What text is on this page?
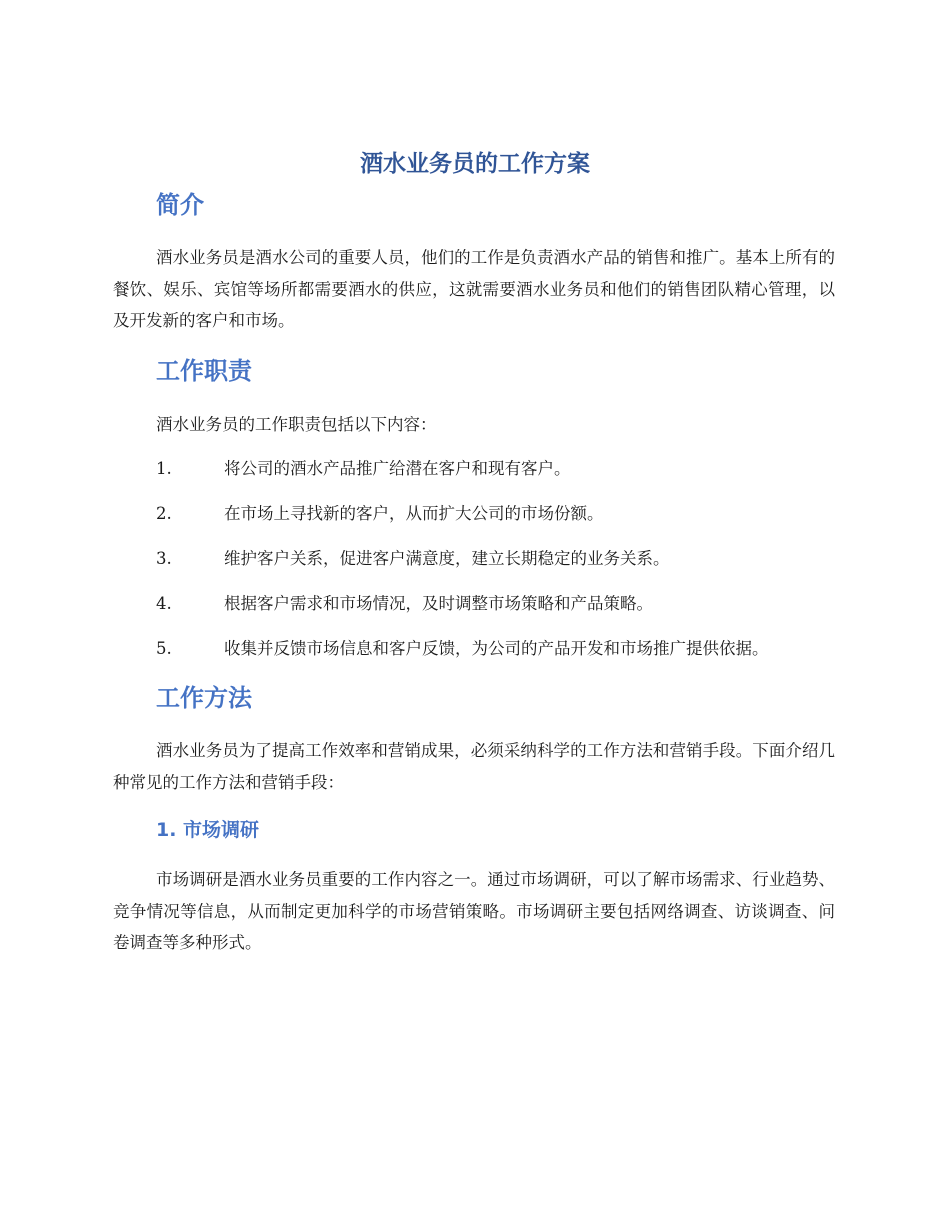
酒水业务员的工作方案
简介
酒水业务员是酒水公司的重要人员，他们的工作是负责酒水产品的销售和推广。基本上所有的餐饮、娱乐、宾馆等场所都需要酒水的供应，这就需要酒水业务员和他们的销售团队精心管理，以及开发新的客户和市场。
工作职责
酒水业务员的工作职责包括以下内容：
1.	将公司的酒水产品推广给潜在客户和现有客户。
2.	在市场上寻找新的客户，从而扩大公司的市场份额。
3.	维护客户关系，促进客户满意度，建立长期稳定的业务关系。
4.	根据客户需求和市场情况，及时调整市场策略和产品策略。
5.	收集并反馈市场信息和客户反馈，为公司的产品开发和市场推广提供依据。
工作方法
酒水业务员为了提高工作效率和营销成果，必须采纳科学的工作方法和营销手段。下面介绍几种常见的工作方法和营销手段：
1. 市场调研
市场调研是酒水业务员重要的工作内容之一。通过市场调研，可以了解市场需求、行业趋势、竞争情况等信息，从而制定更加科学的市场营销策略。市场调研主要包括网络调查、访谈调查、问卷调查等多种形式。
